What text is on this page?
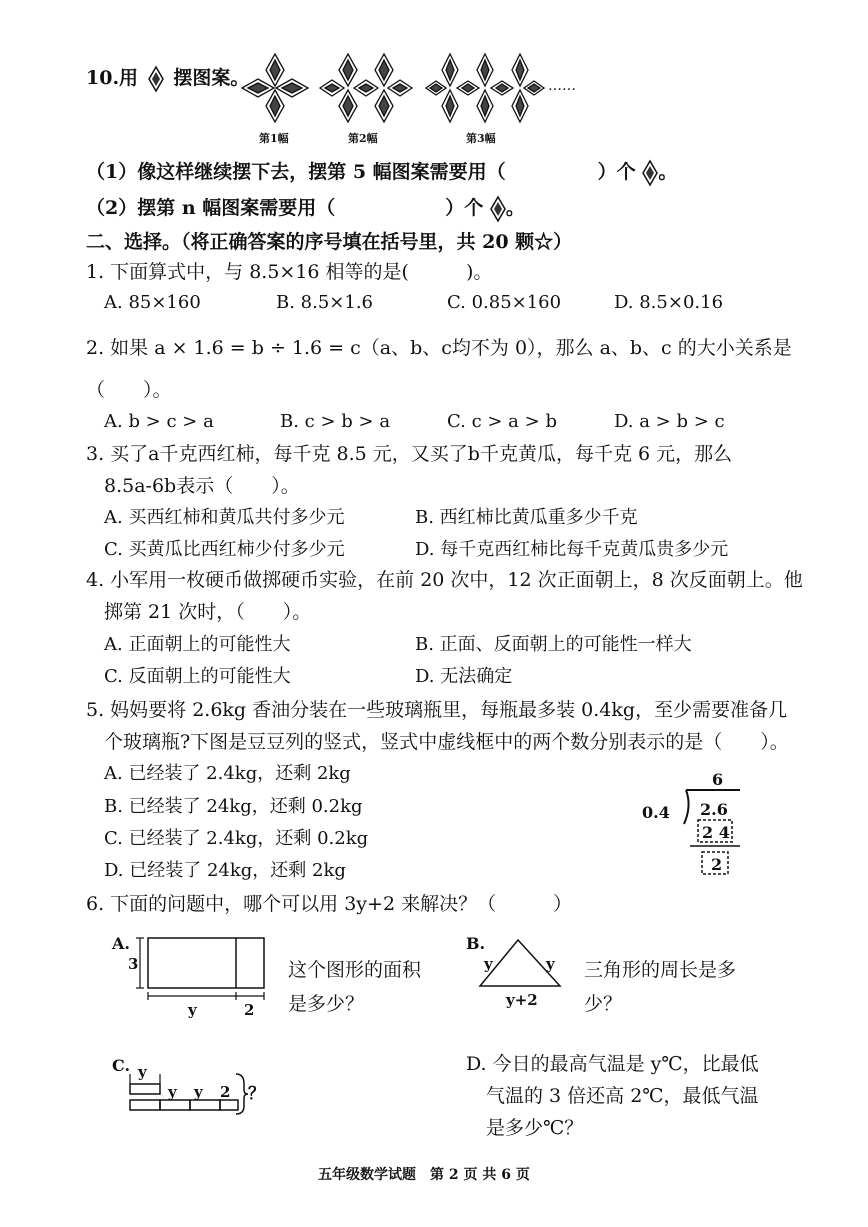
10.用 摆图案。	……
第1幅	第2幅	第3幅
（1）像这样继续摆下去，摆第 5 幅图案需要用（	）个 。
（2）摆第 n 幅图案需要用（	）个 。
二、选择。（将正确答案的序号填在括号里，共 20 颗☆）
1. 下面算式中，与 8.5×16 相等的是(　　　)。
A. 85×160	B. 8.5×1.6	C. 0.85×160	D. 8.5×0.16
2. 如果 a × 1.6 = b ÷ 1.6 = c（a、b、c均不为 0），那么 a、b、c 的大小关系是
（　　）。
A. b > c > a	B. c > b > a	C. c > a > b	D. a > b > c
3. 买了a千克西红柿，每千克 8.5 元，又买了b千克黄瓜，每千克 6 元，那么
8.5a-6b表示（　　）。
A. 买西红柿和黄瓜共付多少元	B. 西红柿比黄瓜重多少千克
C. 买黄瓜比西红柿少付多少元	D. 每千克西红柿比每千克黄瓜贵多少元
4. 小军用一枚硬币做掷硬币实验，在前 20 次中，12 次正面朝上，8 次反面朝上。他
掷第 21 次时，（　　）。
A. 正面朝上的可能性大	B. 正面、反面朝上的可能性一样大
C. 反面朝上的可能性大	D. 无法确定
5. 妈妈要将 2.6kg 香油分装在一些玻璃瓶里，每瓶最多装 0.4kg，至少需要准备几
个玻璃瓶?下图是豆豆列的竖式，竖式中虚线框中的两个数分别表示的是（　　）。
A. 已经装了 2.4kg，还剩 2kg
B. 已经装了 24kg，还剩 0.2kg
C. 已经装了 2.4kg，还剩 0.2kg
D. 已经装了 24kg，还剩 2kg
6
0.4 2.6
2 4
2
6. 下面的问题中，哪个可以用 3y+2 来解决？（　　　）
A.
3
y	2
这个图形的面积
是多少？
B.
y	y
y+2
三角形的周长是多
少？
C. y
y y 2 ？
D. 今日的最高气温是 y℃，比最低
气温的 3 倍还高 2℃，最低气温
是多少℃？
五年级数学试题　第 2 页 共 6 页
